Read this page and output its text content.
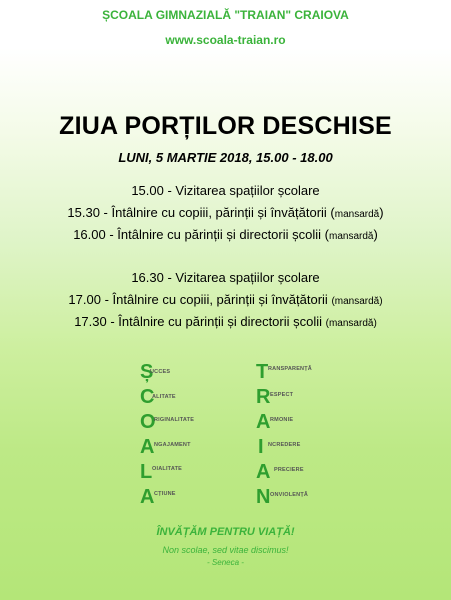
ȘCOALA GIMNAZIALĂ "TRAIAN" CRAIOVA
www.scoala-traian.ro
ZIUA PORȚILOR DESCHISE
LUNI, 5 MARTIE 2018, 15.00 - 18.00
15.00 - Vizitarea spațiilor școlare
15.30 - Întâlnire cu copiii, părinții și învățătorii (mansardă)
16.00 - Întâlnire cu părinții și directorii școlii (mansardă)
16.30 - Vizitarea spațiilor școlare
17.00 - Întâlnire cu copiii, părinții și învățătorii (mansardă)
17.30 - Întâlnire cu părinții și directorii școlii (mansardă)
Ș
UCCES
C
ALITATE
O
RIGINALITATE
A NGAJAMENT
L OIALITATE
A CȚIUNE
T RANSPARENȚĂ
R ESPECT
A RMONIE
I NCREDERE
A PRECIERE
N ONVIOLENȚĂ
ÎNVĂȚĂM PENTRU VIAȚĂ!
Non scolae, sed vitae discimus!
- Seneca -
